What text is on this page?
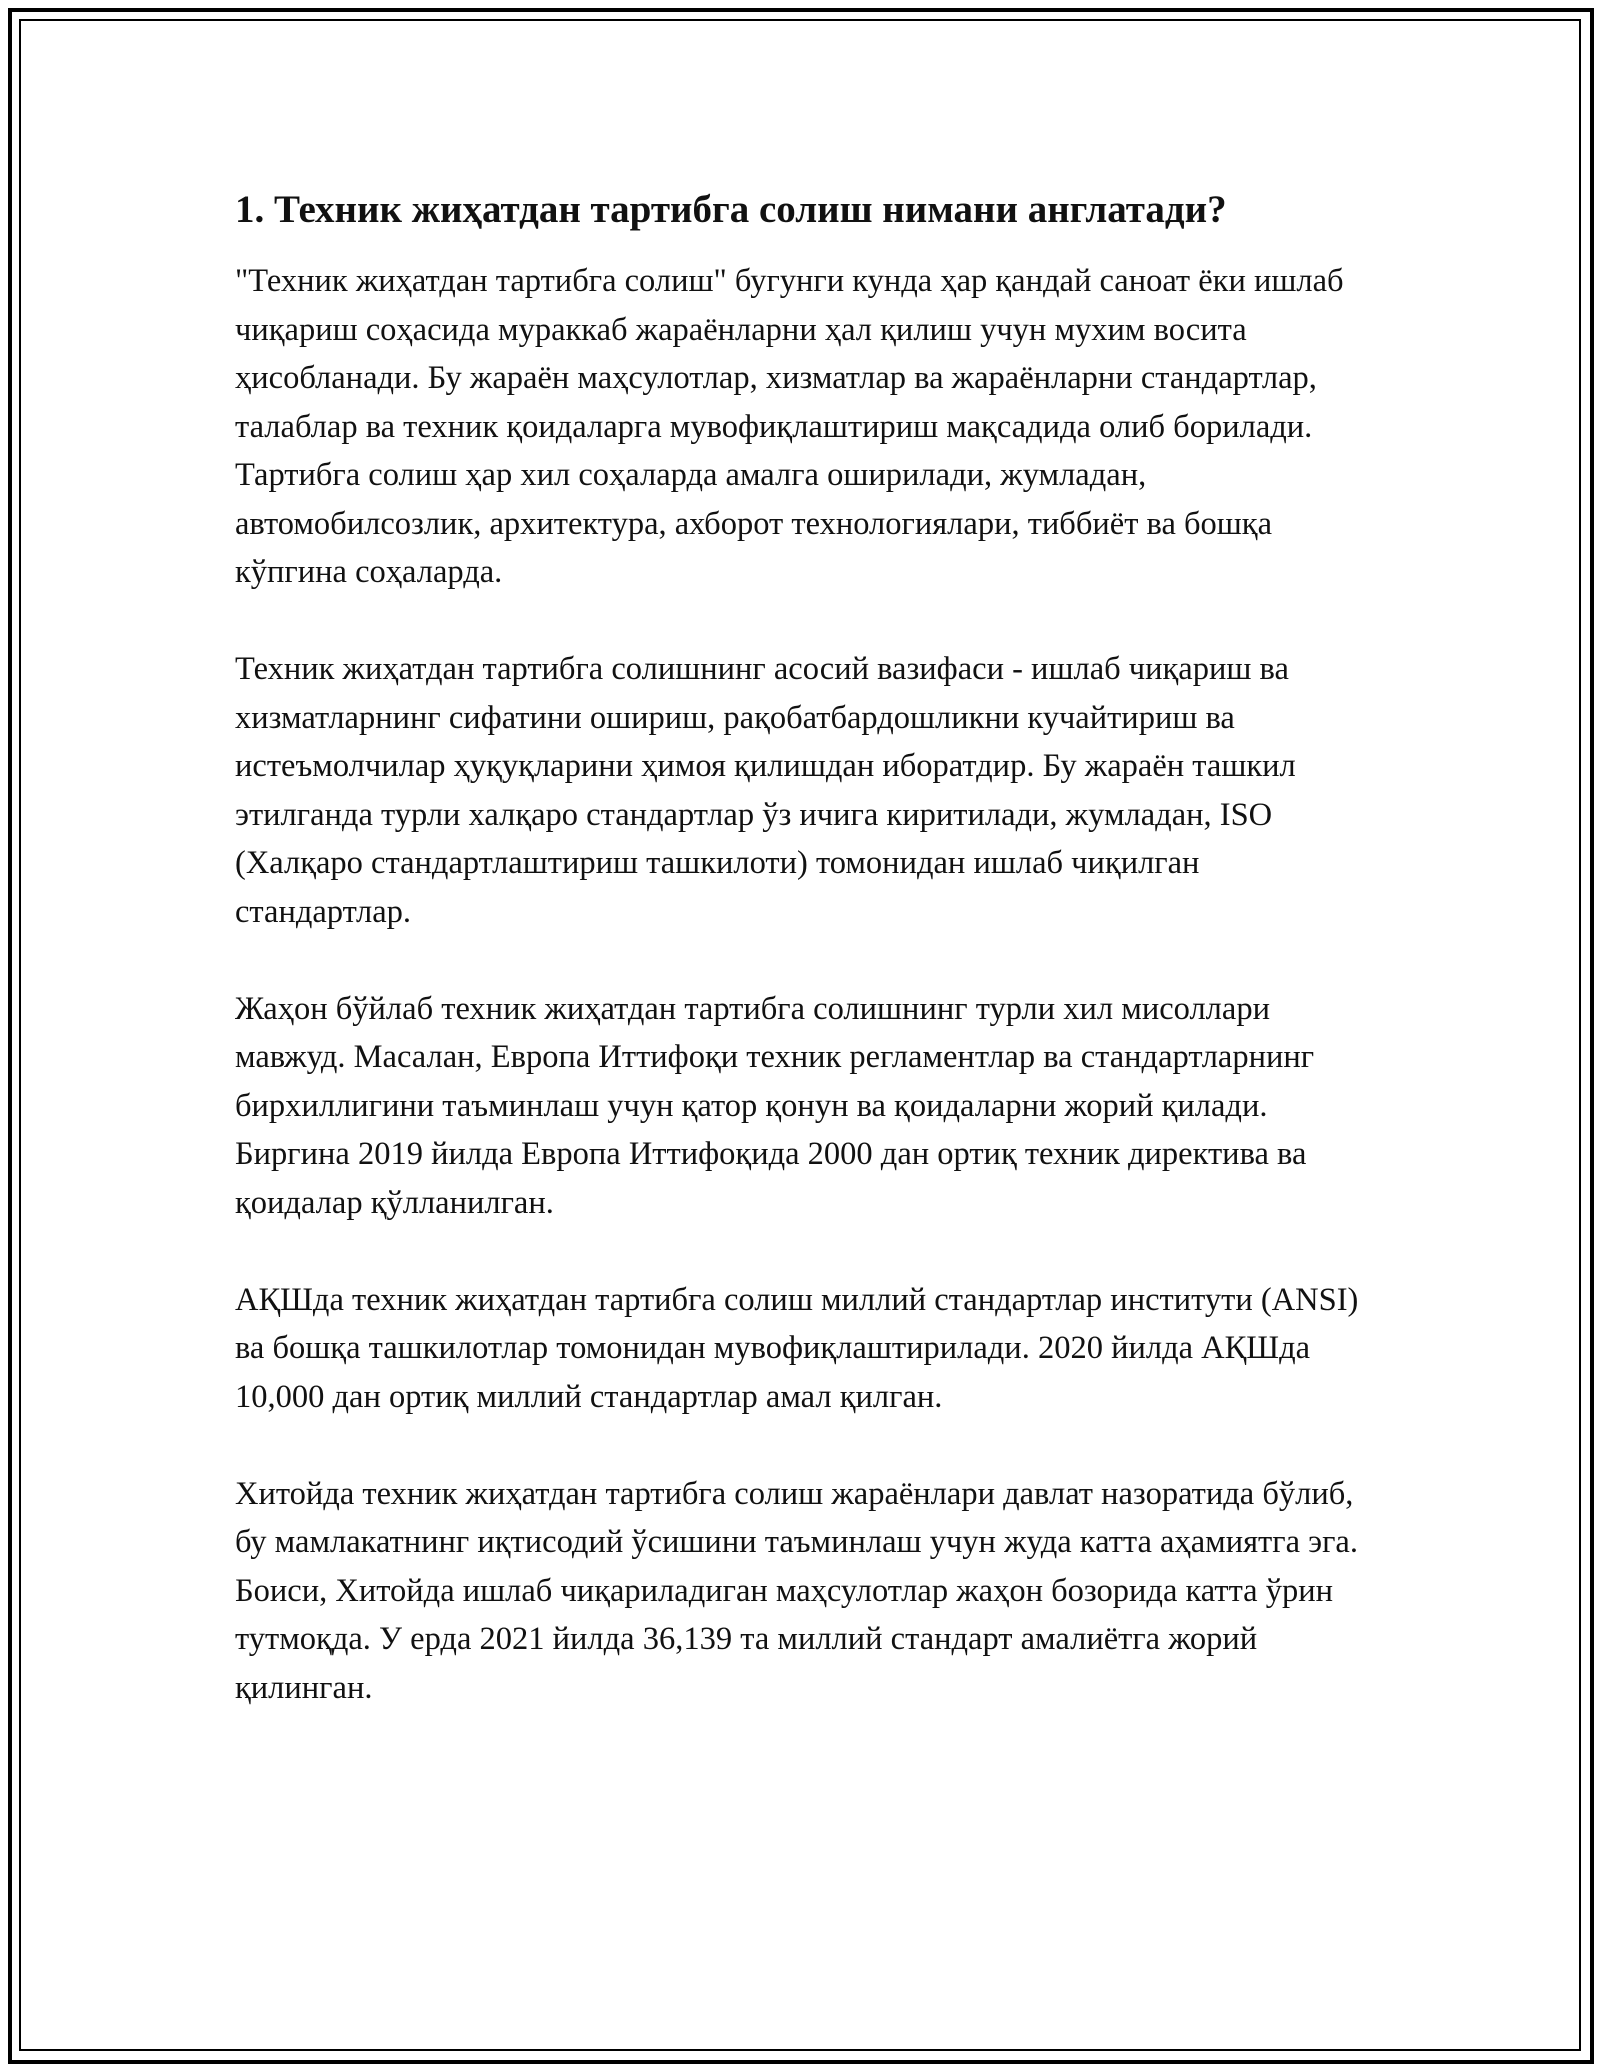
1. Техник жиҳатдан тартибга солиш нимани англатади?

"Техник жиҳатдан тартибга солиш" бугунги кунда ҳар қандай саноат ёки ишлаб чиқариш соҳасида мураккаб жараёнларни ҳал қилиш учун мухим восита ҳисобланади. Бу жараён маҳсулотлар, хизматлар ва жараёнларни стандартлар, талаблар ва техник қоидаларга мувофиқлаштириш мақсадида олиб борилади. Тартибга солиш ҳар хил соҳаларда амалга оширилади, жумладан, автомобилсозлик, архитектура, ахборот технологиялари, тиббиёт ва бошқа кўпгина соҳаларда.

Техник жиҳатдан тартибга солишнинг асосий вазифаси - ишлаб чиқариш ва хизматларнинг сифатини ошириш, рақобатбардошликни кучайтириш ва истеъмолчилар ҳуқуқларини ҳимоя қилишдан иборатдир. Бу жараён ташкил этилганда турли халқаро стандартлар ўз ичига киритилади, жумладан, ISO (Халқаро стандартлаштириш ташкилоти) томонидан ишлаб чиқилган стандартлар.

Жаҳон бўйлаб техник жиҳатдан тартибга солишнинг турли хил мисоллари мавжуд. Масалан, Европа Иттифоқи техник регламентлар ва стандартларнинг бирхиллигини таъминлаш учун қатор қонун ва қоидаларни жорий қилади. Биргина 2019 йилда Европа Иттифоқида 2000 дан ортиқ техник директива ва қоидалар қўлланилган.

АҚШда техник жиҳатдан тартибга солиш миллий стандартлар институти (ANSI) ва бошқа ташкилотлар томонидан мувофиқлаштирилади. 2020 йилда АҚШда 10,000 дан ортиқ миллий стандартлар амал қилган.

Хитойда техник жиҳатдан тартибга солиш жараёнлари давлат назоратида бўлиб, бу мамлакатнинг иқтисодий ўсишини таъминлаш учун жуда катта аҳамиятга эга. Боиси, Хитойда ишлаб чиқариладиган маҳсулотлар жаҳон бозорида катта ўрин тутмоқда. У ерда 2021 йилда 36,139 та миллий стандарт амалиётга жорий қилинган.
